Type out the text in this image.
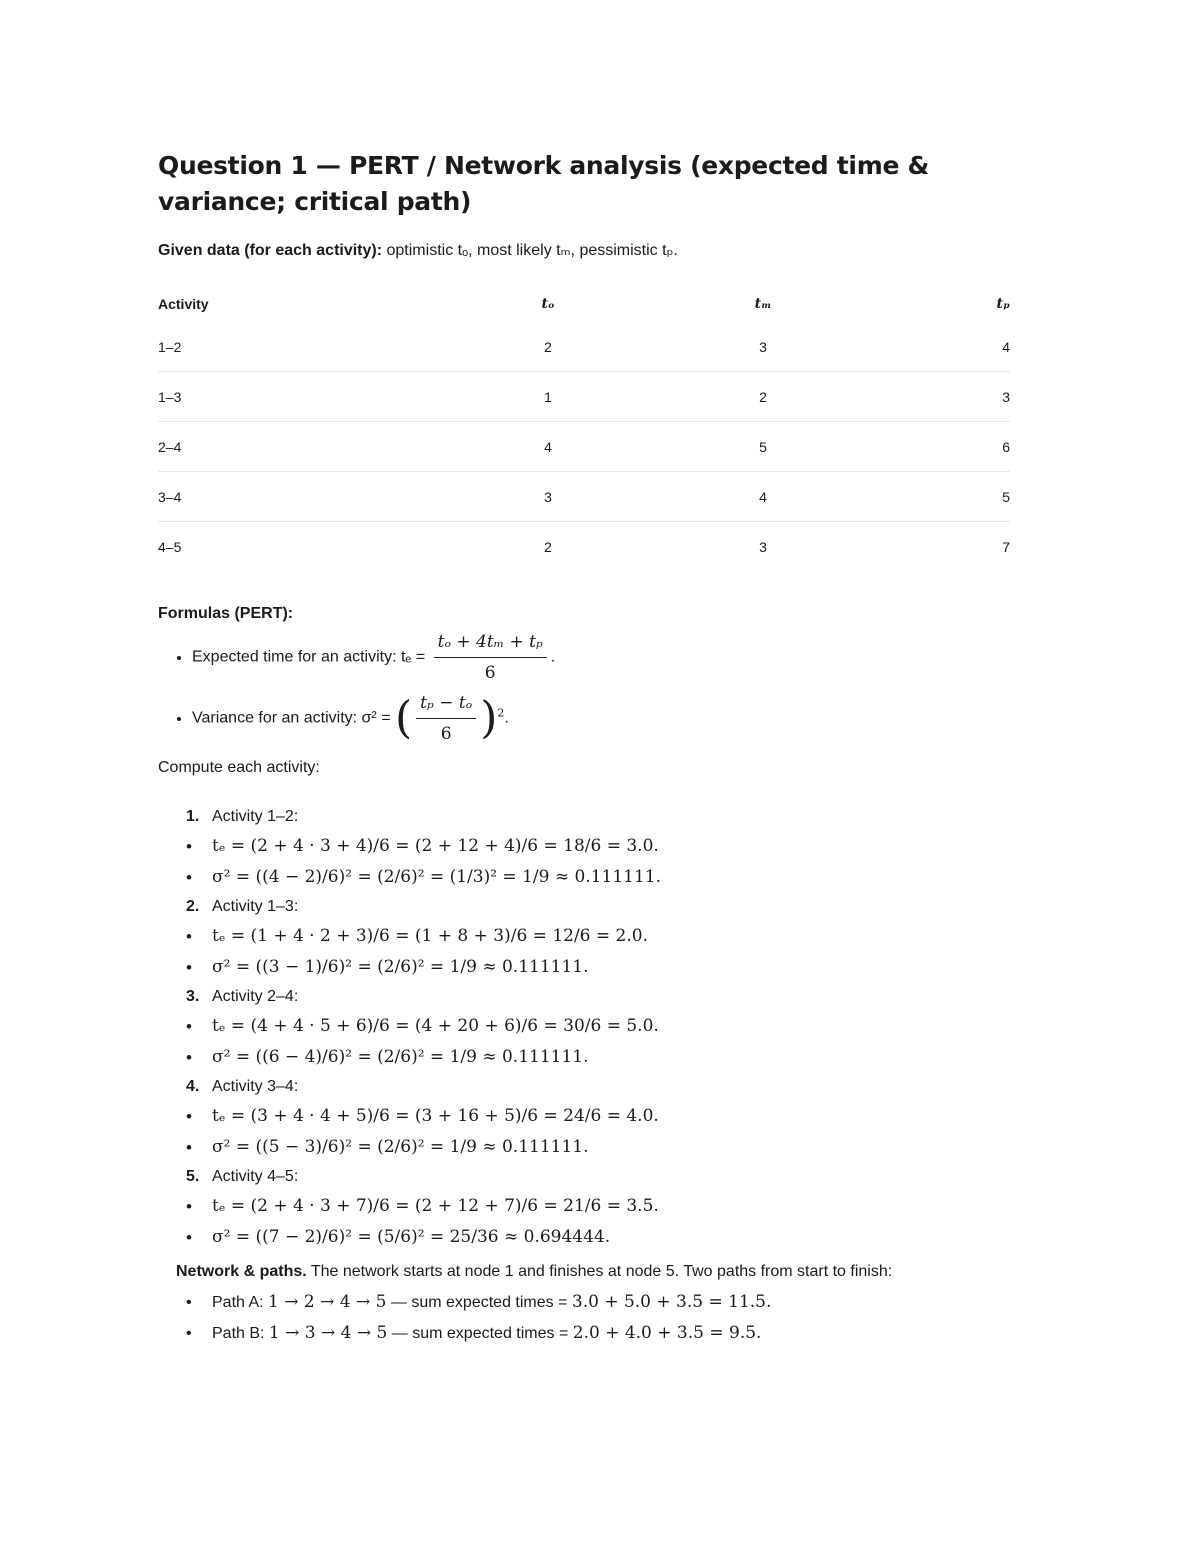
Question 1 — PERT / Network analysis (expected time & variance; critical path)

Given data (for each activity): optimistic tₒ, most likely tₘ, pessimistic tₚ.

Activity	tₒ	tₘ	tₚ
1–2	2	3	4
1–3	1	2	3
2–4	4	5	6
3–4	3	4	5
4–5	2	3	7
Formulas (PERT):
• Expected time for an activity: $t_e = \frac{\text{tₒ + 4tₘ + tₚ}}{6}$ .
• Variance for an activity: σ² = ( $\frac{\text{tₚ − tₒ}}{6} )^2$.
Compute each activity:
1. Activity 1–2:
• tₑ = (2 + 4 · 3 + 4)/6 = (2 + 12 + 4)/6 = 18/6 = 3.0.
• σ² = ((4 − 2)/6)² = (2/6)² = (1/3)² = 1/9 ≈ 0.111111.
2. Activity 1–3:
• tₑ = (1 + 4 · 2 + 3)/6 = (1 + 8 + 3)/6 = 12/6 = 2.0.
• σ² = ((3 − 1)/6)² = (2/6)² = 1/9 ≈ 0.111111.
3. Activity 2–4:
• tₑ = (4 + 4 · 5 + 6)/6 = (4 + 20 + 6)/6 = 30/6 = 5.0.
• σ² = ((6 − 4)/6)² = (2/6)² = 1/9 ≈ 0.111111.
4. Activity 3–4:
• tₑ = (3 + 4 · 4 + 5)/6 = (3 + 16 + 5)/6 = 24/6 = 4.0.
• σ² = ((5 − 3)/6)² = (2/6)² = 1/9 ≈ 0.111111.
5. Activity 4–5:
• tₑ = (2 + 4 · 3 + 7)/6 = (2 + 12 + 7)/6 = 21/6 = 3.5.
• σ² = ((7 − 2)/6)² = (5/6)² = 25/36 ≈ 0.694444.

Network & paths. The network starts at node 1 and finishes at node 5. Two paths from start to finish:

• Path A: 1 → 2 → 4 → 5 — sum expected times = 3.0 + 5.0 + 3.5 = 11.5.
• Path B: 1 → 3 → 4 → 5 — sum expected times = 2.0 + 4.0 + 3.5 = 9.5.
